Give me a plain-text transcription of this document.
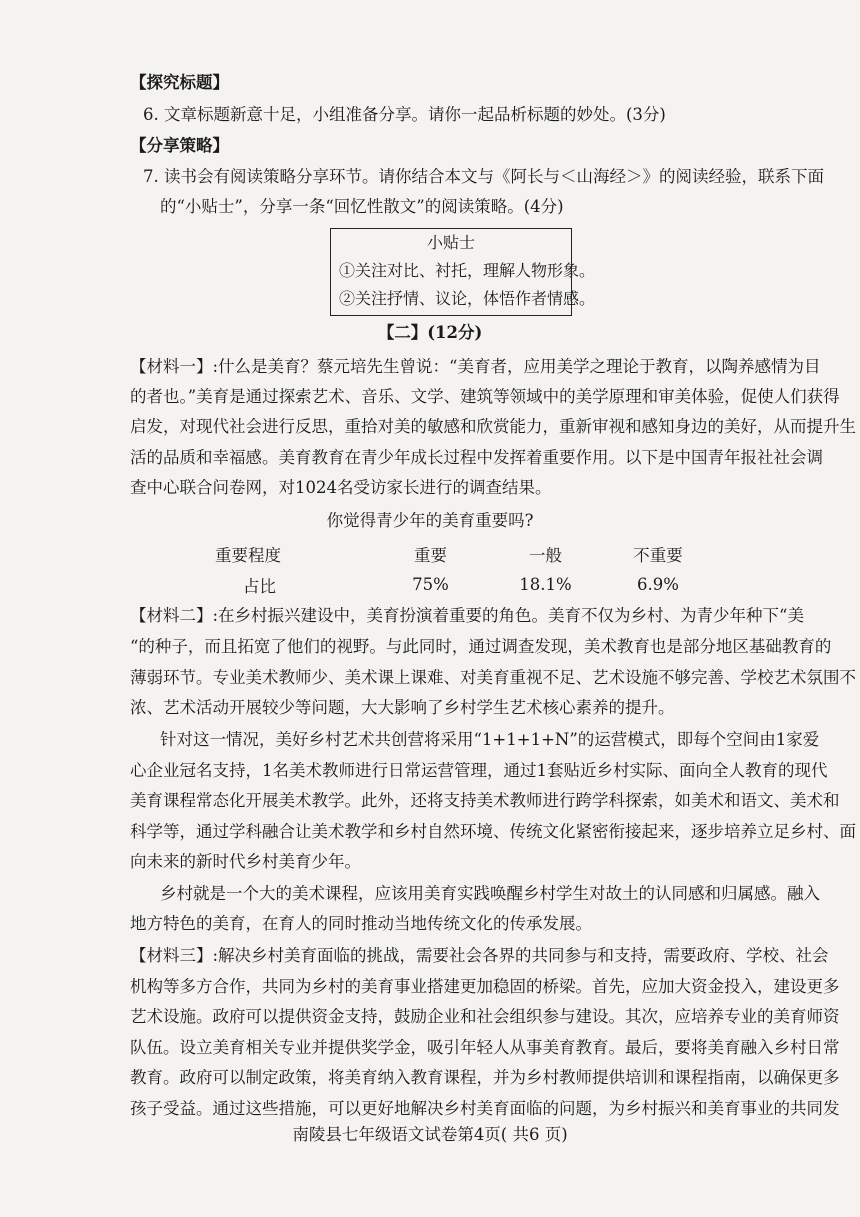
【探究标题】
6. 文章标题新意十足，小组准备分享。请你一起品析标题的妙处。(3分)
【分享策略】
7. 读书会有阅读策略分享环节。请你结合本文与《阿长与＜山海经＞》的阅读经验，联系下面
的“小贴士”，分享一条“回忆性散文”的阅读策略。(4分)
小贴士
①关注对比、衬托，理解人物形象。
②关注抒情、议论，体悟作者情感。
【二】(12分)
【材料一】:什么是美育？蔡元培先生曾说：“美育者，应用美学之理论于教育，以陶养感情为目
的者也。”美育是通过探索艺术、音乐、文学、建筑等领域中的美学原理和审美体验，促使人们获得
启发，对现代社会进行反思，重拾对美的敏感和欣赏能力，重新审视和感知身边的美好，从而提升生
活的品质和幸福感。美育教育在青少年成长过程中发挥着重要作用。以下是中国青年报社社会调
查中心联合问卷网，对1024名受访家长进行的调查结果。
你觉得青少年的美育重要吗?
重要程度	重要	一般	不重要
占比	75%	18.1%	6.9%
【材料二】:在乡村振兴建设中，美育扮演着重要的角色。美育不仅为乡村、为青少年种下“美
“的种子，而且拓宽了他们的视野。与此同时，通过调查发现，美术教育也是部分地区基础教育的
薄弱环节。专业美术教师少、美术课上课难、对美育重视不足、艺术设施不够完善、学校艺术氛围不
浓、艺术活动开展较少等问题，大大影响了乡村学生艺术核心素养的提升。
针对这一情况，美好乡村艺术共创营将采用“1+1+1+N”的运营模式，即每个空间由1家爱
心企业冠名支持，1名美术教师进行日常运营管理，通过1套贴近乡村实际、面向全人教育的现代
美育课程常态化开展美术教学。此外，还将支持美术教师进行跨学科探索，如美术和语文、美术和
科学等，通过学科融合让美术教学和乡村自然环境、传统文化紧密衔接起来，逐步培养立足乡村、面
向未来的新时代乡村美育少年。
乡村就是一个大的美术课程，应该用美育实践唤醒乡村学生对故土的认同感和归属感。融入
地方特色的美育，在育人的同时推动当地传统文化的传承发展。
【材料三】:解决乡村美育面临的挑战，需要社会各界的共同参与和支持，需要政府、学校、社会
机构等多方合作，共同为乡村的美育事业搭建更加稳固的桥梁。首先，应加大资金投入，建设更多
艺术设施。政府可以提供资金支持，鼓励企业和社会组织参与建设。其次，应培养专业的美育师资
队伍。设立美育相关专业并提供奖学金，吸引年轻人从事美育教育。最后，要将美育融入乡村日常
教育。政府可以制定政策，将美育纳入教育课程，并为乡村教师提供培训和课程指南，以确保更多
孩子受益。通过这些措施，可以更好地解决乡村美育面临的问题，为乡村振兴和美育事业的共同发
南陵县七年级语文试卷第4页( 共6 页)
